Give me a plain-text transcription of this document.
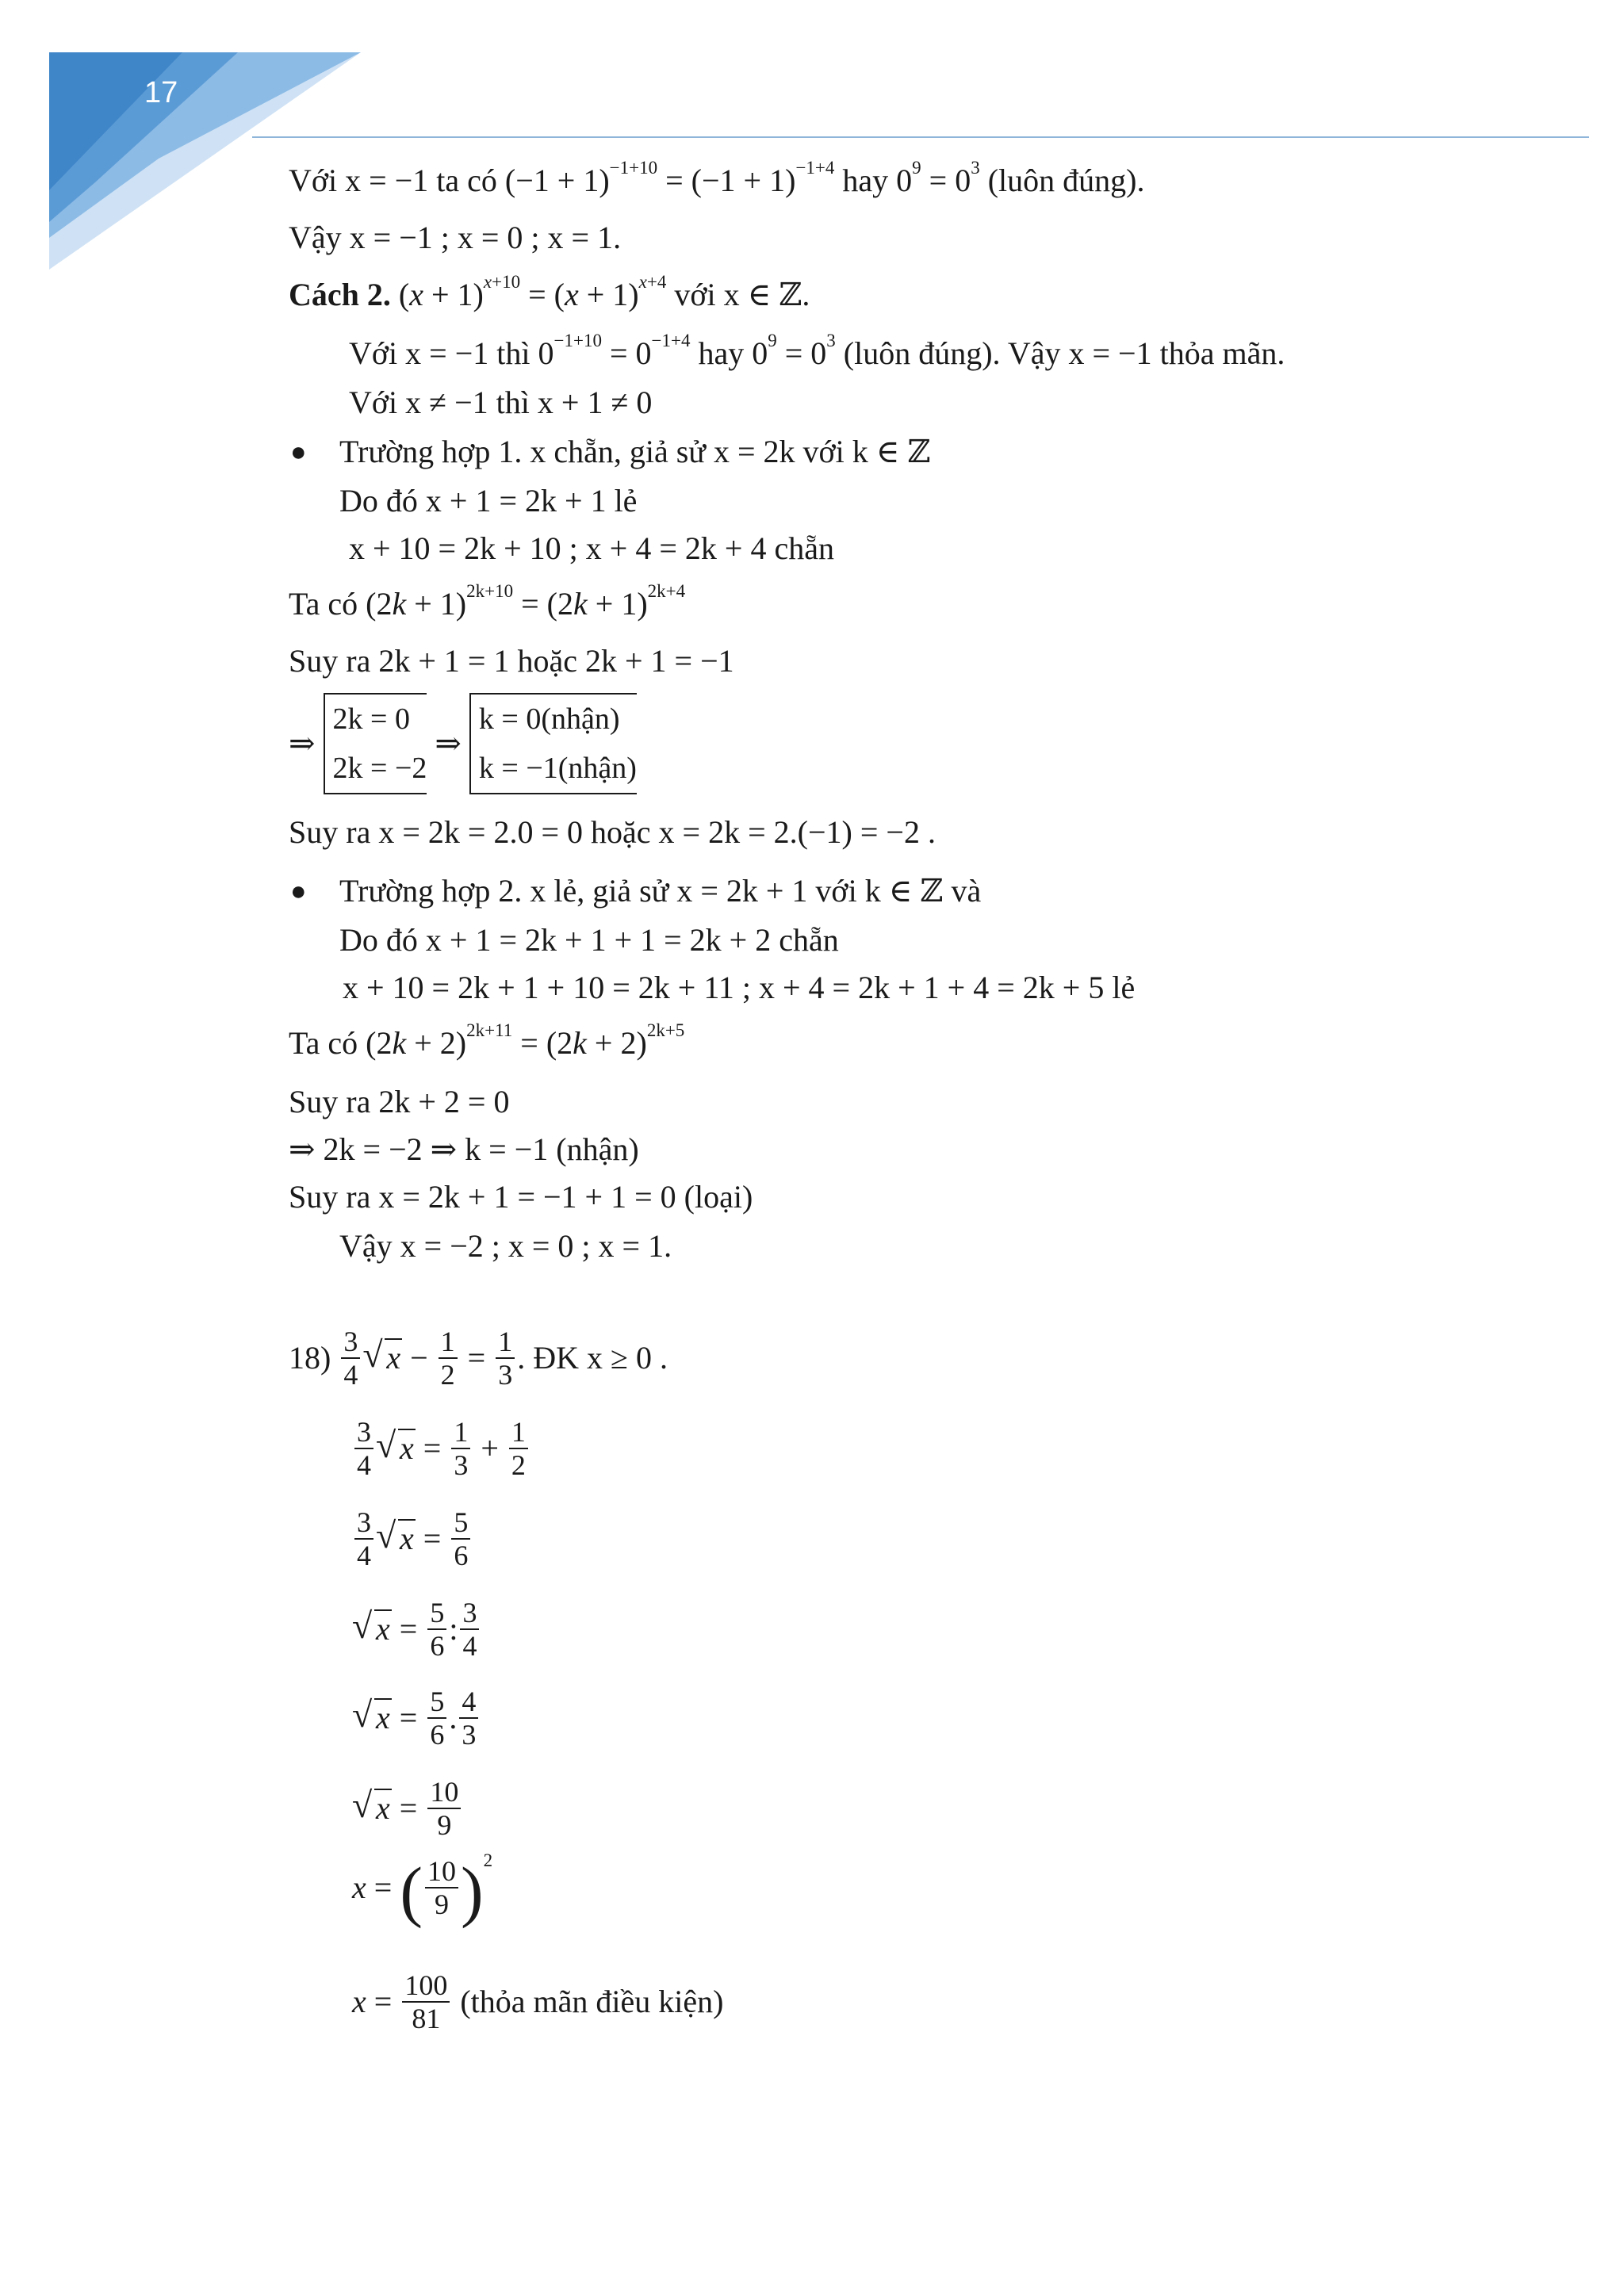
17
Với x = −1 ta có $(-1 + 1)^{-1+10} = (-1 + 1)^{-1+4}$ hay $0^9 = 0^3$ (luôn đúng).
Vậy x = −1 ; x = 0 ; x = 1.
Cách 2. $(x + 1)^{x+10} = (x + 1)^{x+4}$ với x ∈ ℤ.
Với x = −1 thì $0^{-1+10} = 0^{-1+4}$ hay $0^9 = 0^3$ (luôn đúng). Vậy x = −1 thỏa mãn.
Với x ≠ −1 thì x + 1 ≠ 0
● Trường hợp 1. x chẵn, giả sử x = 2k với k ∈ ℤ
Do đó x + 1 = 2k + 1 lẻ
x + 10 = 2k + 10 ; x + 4 = 2k + 4 chẵn
Ta có $(2k + 1)^{2k+10} = (2k + 1)^{2k+4}$
Suy ra 2k + 1 = 1 hoặc 2k + 1 = −1
⇒
2k = 0
2k = −2
⇒
k = 0(nhận)
k = −1(nhận)
Suy ra x = 2k = 2.0 = 0 hoặc x = 2k = 2.(−1) = −2 .
● Trường hợp 2. x lẻ, giả sử x = 2k + 1 với k ∈ ℤ và
Do đó x + 1 = 2k + 1 + 1 = 2k + 2 chẵn
x + 10 = 2k + 1 + 10 = 2k + 11 ; x + 4 = 2k + 1 + 4 = 2k + 5 lẻ
Ta có $(2k + 2)^{2k+11} = (2k + 2)^{2k+5}$
Suy ra 2k + 2 = 0
⇒ 2k = −2 ⇒ k = −1 (nhận)
Suy ra x = 2k + 1 = −1 + 1 = 0 (loại)
Vậy x = −2 ; x = 0 ; x = 1.
$18) \frac{3}{4}$ √ $x - \frac{1}{2} = \frac{1}{3}$ . ĐK x ≥ 0 .
$\frac{3}{4}$ √ $x = \frac{1}{3} + \frac{1}{2}$
$\frac{3}{4}$ √ $x = \frac{5}{6}$
√ $x = \frac{5}{6}$ : $\frac{3}{4}$
√ $x = \frac{5}{6}$ . $\frac{4}{3}$
√ $x = \frac{10}{9}$
x = ( $\frac{10}{9} )^2$
$x = \frac{100}{81}$ (thỏa mãn điều kiện)
